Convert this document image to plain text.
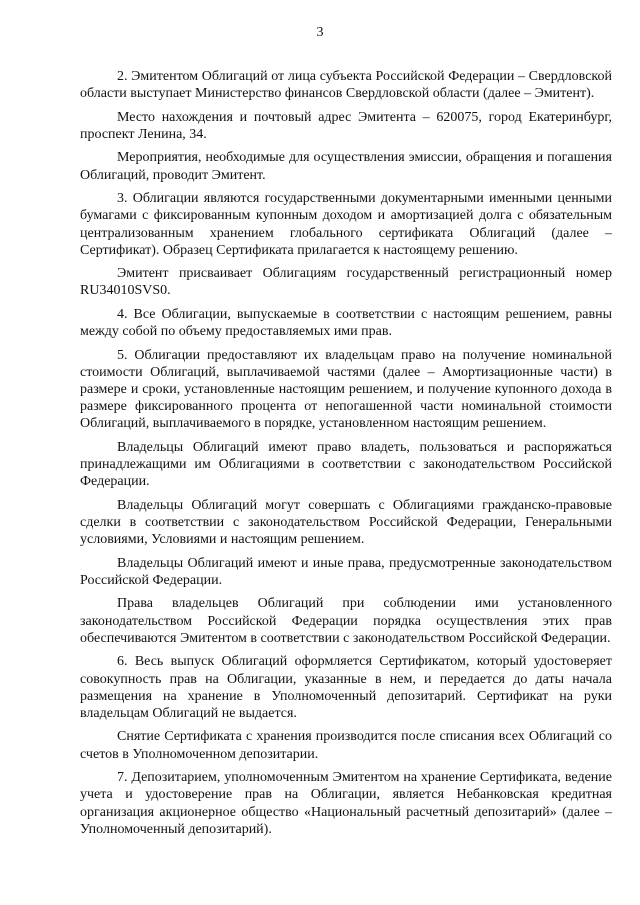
3

2. Эмитентом Облигаций от лица субъекта Российской Федерации – Свердловской области выступает Министерство финансов Свердловской области (далее – Эмитент).

Место нахождения и почтовый адрес Эмитента – 620075, город Екатеринбург, проспект Ленина, 34.

Мероприятия, необходимые для осуществления эмиссии, обращения и погашения Облигаций, проводит Эмитент.

3. Облигации являются государственными документарными именными ценными бумагами с фиксированным купонным доходом и амортизацией долга с обязательным централизованным хранением глобального сертификата Облигаций (далее – Сертификат). Образец Сертификата прилагается к настоящему решению.

Эмитент присваивает Облигациям государственный регистрационный номер RU34010SVS0.

4. Все Облигации, выпускаемые в соответствии с настоящим решением, равны между собой по объему предоставляемых ими прав.

5. Облигации предоставляют их владельцам право на получение номинальной стоимости Облигаций, выплачиваемой частями (далее – Амортизационные части) в размере и сроки, установленные настоящим решением, и получение купонного дохода в размере фиксированного процента от непогашенной части номинальной стоимости Облигаций, выплачиваемого в порядке, установленном настоящим решением.

Владельцы Облигаций имеют право владеть, пользоваться и распоряжаться принадлежащими им Облигациями в соответствии с законодательством Российской Федерации.

Владельцы Облигаций могут совершать с Облигациями гражданско-правовые сделки в соответствии с законодательством Российской Федерации, Генеральными условиями, Условиями и настоящим решением.

Владельцы Облигаций имеют и иные права, предусмотренные законодательством Российской Федерации.

Права владельцев Облигаций при соблюдении ими установленного законодательством Российской Федерации порядка осуществления этих прав обеспечиваются Эмитентом в соответствии с законодательством Российской Федерации.

6. Весь выпуск Облигаций оформляется Сертификатом, который удостоверяет совокупность прав на Облигации, указанные в нем, и передается до даты начала размещения на хранение в Уполномоченный депозитарий. Сертификат на руки владельцам Облигаций не выдается.

Снятие Сертификата с хранения производится после списания всех Облигаций со счетов в Уполномоченном депозитарии.

7. Депозитарием, уполномоченным Эмитентом на хранение Сертификата, ведение учета и удостоверение прав на Облигации, является Небанковская кредитная организация акционерное общество «Национальный расчетный депозитарий» (далее – Уполномоченный депозитарий).
